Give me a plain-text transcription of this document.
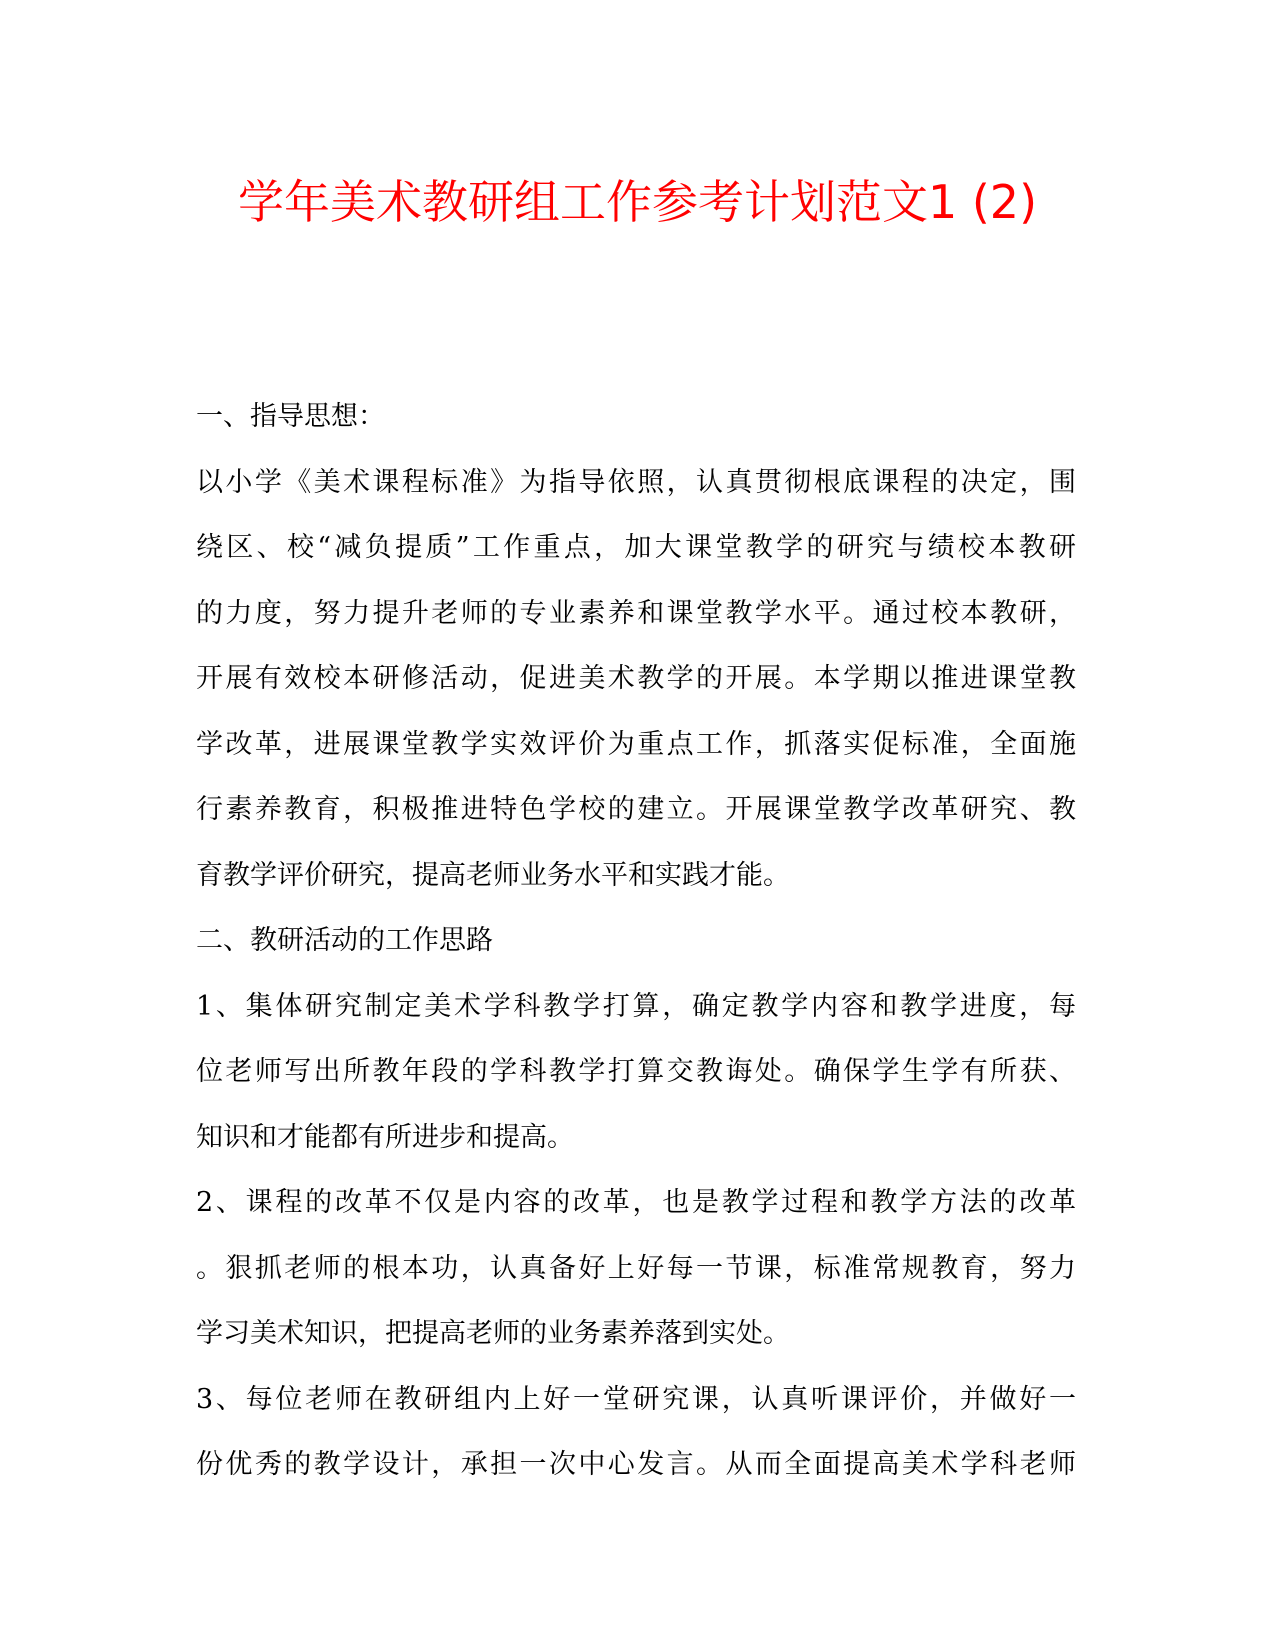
学年美术教研组工作参考计划范文1 (2)
一、指导思想：
以小学《美术课程标准》为指导依照，认真贯彻根底课程的决定，围
绕区、校“减负提质”工作重点，加大课堂教学的研究与绩校本教研
的力度，努力提升老师的专业素养和课堂教学水平。通过校本教研，
开展有效校本研修活动，促进美术教学的开展。本学期以推进课堂教
学改革，进展课堂教学实效评价为重点工作，抓落实促标准，全面施
行素养教育，积极推进特色学校的建立。开展课堂教学改革研究、教
育教学评价研究，提高老师业务水平和实践才能。
二、教研活动的工作思路
1、集体研究制定美术学科教学打算，确定教学内容和教学进度，每
位老师写出所教年段的学科教学打算交教诲处。确保学生学有所获、
知识和才能都有所进步和提高。
2、课程的改革不仅是内容的改革，也是教学过程和教学方法的改革
。狠抓老师的根本功，认真备好上好每一节课，标准常规教育，努力
学习美术知识，把提高老师的业务素养落到实处。
3、每位老师在教研组内上好一堂研究课，认真听课评价，并做好一
份优秀的教学设计，承担一次中心发言。从而全面提高美术学科老师
